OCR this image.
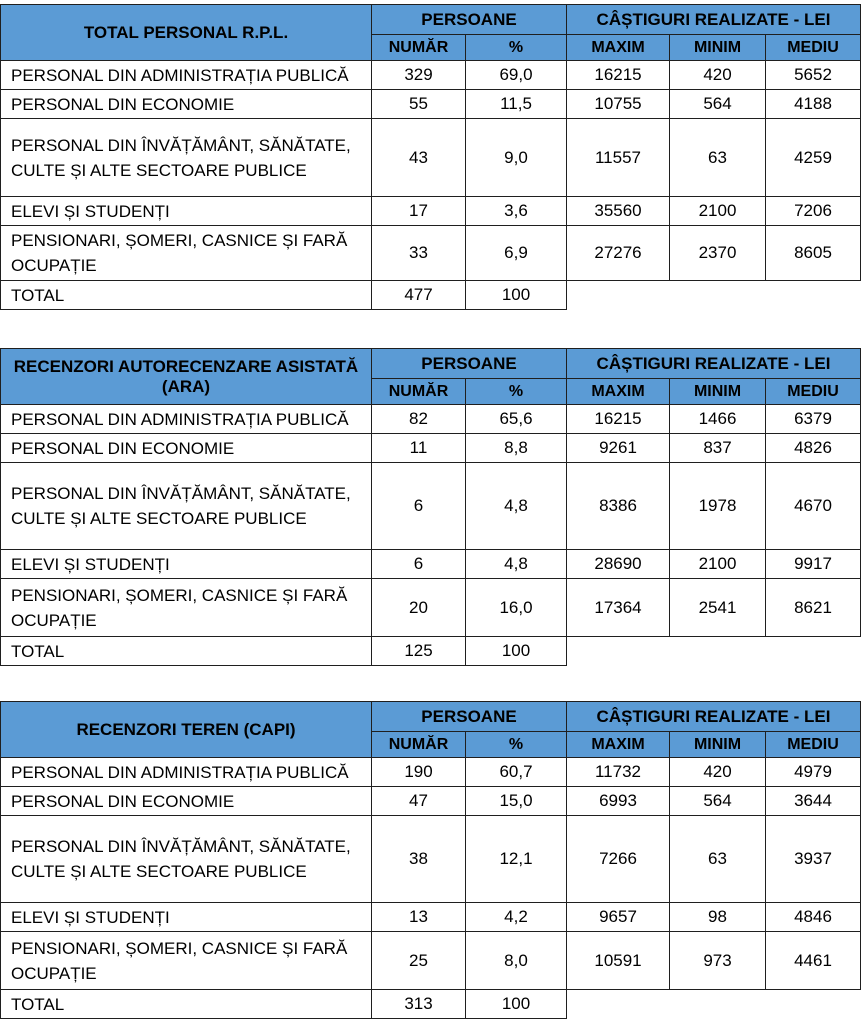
TOTAL PERSONAL R.P.L.	PERSOANE		CÂȘTIGURI REALIZATE - LEI		
	NUMĂR	%	MAXIM	MINIM	MEDIU
PERSONAL DIN ADMINISTRAȚIA PUBLICĂ	329	69,0	16215	420	5652
PERSONAL DIN ECONOMIE	55	11,5	10755	564	4188
PERSONAL DIN ÎNVĂȚĂMÂNT, SĂNĂTATE, CULTE ȘI ALTE SECTOARE PUBLICE	43	9,0	11557	63	4259
ELEVI ȘI STUDENȚI	17	3,6	35560	2100	7206
PENSIONARI, ȘOMERI, CASNICE ȘI FARĂ OCUPAȚIE	33	6,9	27276	2370	8605
TOTAL	477	100			
RECENZORI AUTORECENZARE ASISTATĂ (ARA)	PERSOANE		CÂȘTIGURI REALIZATE - LEI		
	NUMĂR	%	MAXIM	MINIM	MEDIU
PERSONAL DIN ADMINISTRAȚIA PUBLICĂ	82	65,6	16215	1466	6379
PERSONAL DIN ECONOMIE	11	8,8	9261	837	4826
PERSONAL DIN ÎNVĂȚĂMÂNT, SĂNĂTATE, CULTE ȘI ALTE SECTOARE PUBLICE	6	4,8	8386	1978	4670
ELEVI ȘI STUDENȚI	6	4,8	28690	2100	9917
PENSIONARI, ȘOMERI, CASNICE ȘI FARĂ OCUPAȚIE	20	16,0	17364	2541	8621
TOTAL	125	100			
RECENZORI TEREN (CAPI)	PERSOANE		CÂȘTIGURI REALIZATE - LEI		
	NUMĂR	%	MAXIM	MINIM	MEDIU
PERSONAL DIN ADMINISTRAȚIA PUBLICĂ	190	60,7	11732	420	4979
PERSONAL DIN ECONOMIE	47	15,0	6993	564	3644
PERSONAL DIN ÎNVĂȚĂMÂNT, SĂNĂTATE, CULTE ȘI ALTE SECTOARE PUBLICE	38	12,1	7266	63	3937
ELEVI ȘI STUDENȚI	13	4,2	9657	98	4846
PENSIONARI, ȘOMERI, CASNICE ȘI FARĂ OCUPAȚIE	25	8,0	10591	973	4461
TOTAL	313	100			
